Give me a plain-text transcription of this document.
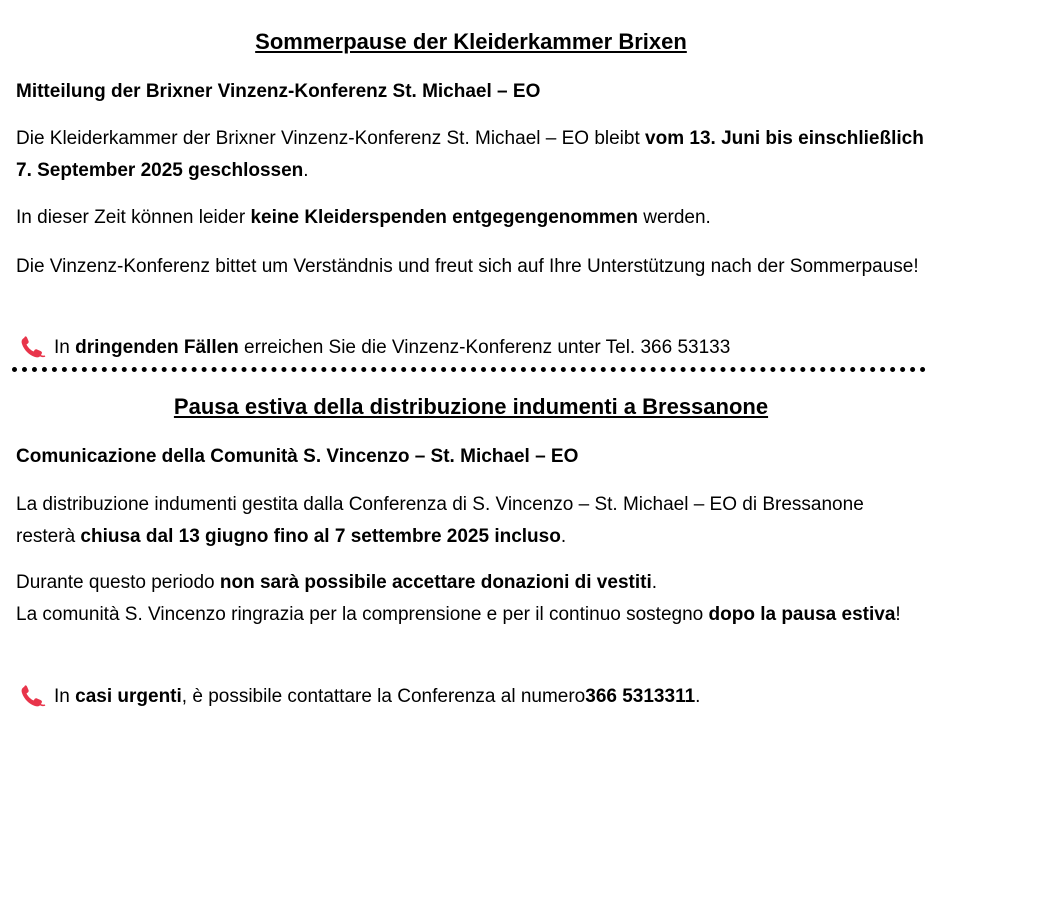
Sommerpause der Kleiderkammer Brixen

Mitteilung der Brixner Vinzenz-Konferenz St. Michael – EO

Die Kleiderkammer der Brixner Vinzenz-Konferenz St. Michael – EO bleibt vom 13. Juni bis einschließlich 7. September 2025 geschlossen.

In dieser Zeit können leider keine Kleiderspenden entgegengenommen werden.

Die Vinzenz-Konferenz bittet um Verständnis und freut sich auf Ihre Unterstützung nach der Sommerpause!

In
dringenden Fällen
erreichen Sie die Vinzenz-Konferenz unter Tel. 366 53133

Pausa estiva della distribuzione indumenti a Bressanone

Comunicazione della Comunità S. Vincenzo – St. Michael – EO

La distribuzione indumenti gestita dalla Conferenza di S. Vincenzo – St. Michael – EO di Bressanone resterà chiusa dal 13 giugno fino al 7 settembre 2025 incluso.

Durante questo periodo non sarà possibile accettare donazioni di vestiti.
La comunità S. Vincenzo ringrazia per la comprensione e per il continuo sostegno dopo la pausa estiva!

In
casi urgenti , è possibile contattare la Conferenza al numero 366 5313311 .
